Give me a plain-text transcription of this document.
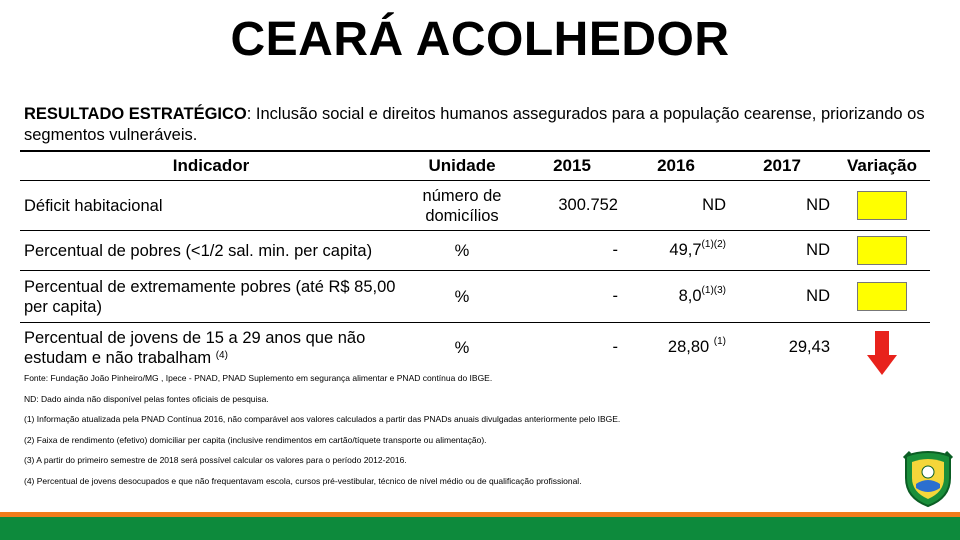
CEARÁ ACOLHEDOR
RESULTADO ESTRATÉGICO: Inclusão social e direitos humanos assegurados para a população cearense, priorizando os segmentos vulneráveis.
Indicador	Unidade	2015	2016	2017	Variação
Déficit habitacional	número de domicílios	300.752	ND	ND	
Percentual de pobres (<1/2 sal. min. per capita)	%	-	$49,7^{(1)(2)}$	ND	
Percentual de extremamente pobres (até R$ 85,00 per capita)	%	-	$8,0^{(1)(3)}$	ND	
Percentual de jovens de 15 a 29 anos que não estudam e não trabalham $^{(4)}$	%	-	28,80 $^{(1)}$	29,43	
Fonte: Fundação João Pinheiro/MG , Ipece - PNAD, PNAD Suplemento em segurança alimentar e PNAD contínua do IBGE.
ND: Dado ainda não disponível pelas fontes oficiais de pesquisa.
(1) Informação atualizada pela PNAD Contínua 2016, não comparável aos valores calculados a partir das PNADs anuais divulgadas anteriormente pelo IBGE.
(2) Faixa de rendimento (efetivo) domiciliar per capita (inclusive rendimentos em cartão/tíquete transporte ou alimentação).
(3) A partir do primeiro semestre de 2018 será possível calcular os valores para o período 2012-2016.
(4) Percentual de jovens desocupados e que não frequentavam escola, cursos pré-vestibular, técnico de nível médio ou de qualificação profissional.
